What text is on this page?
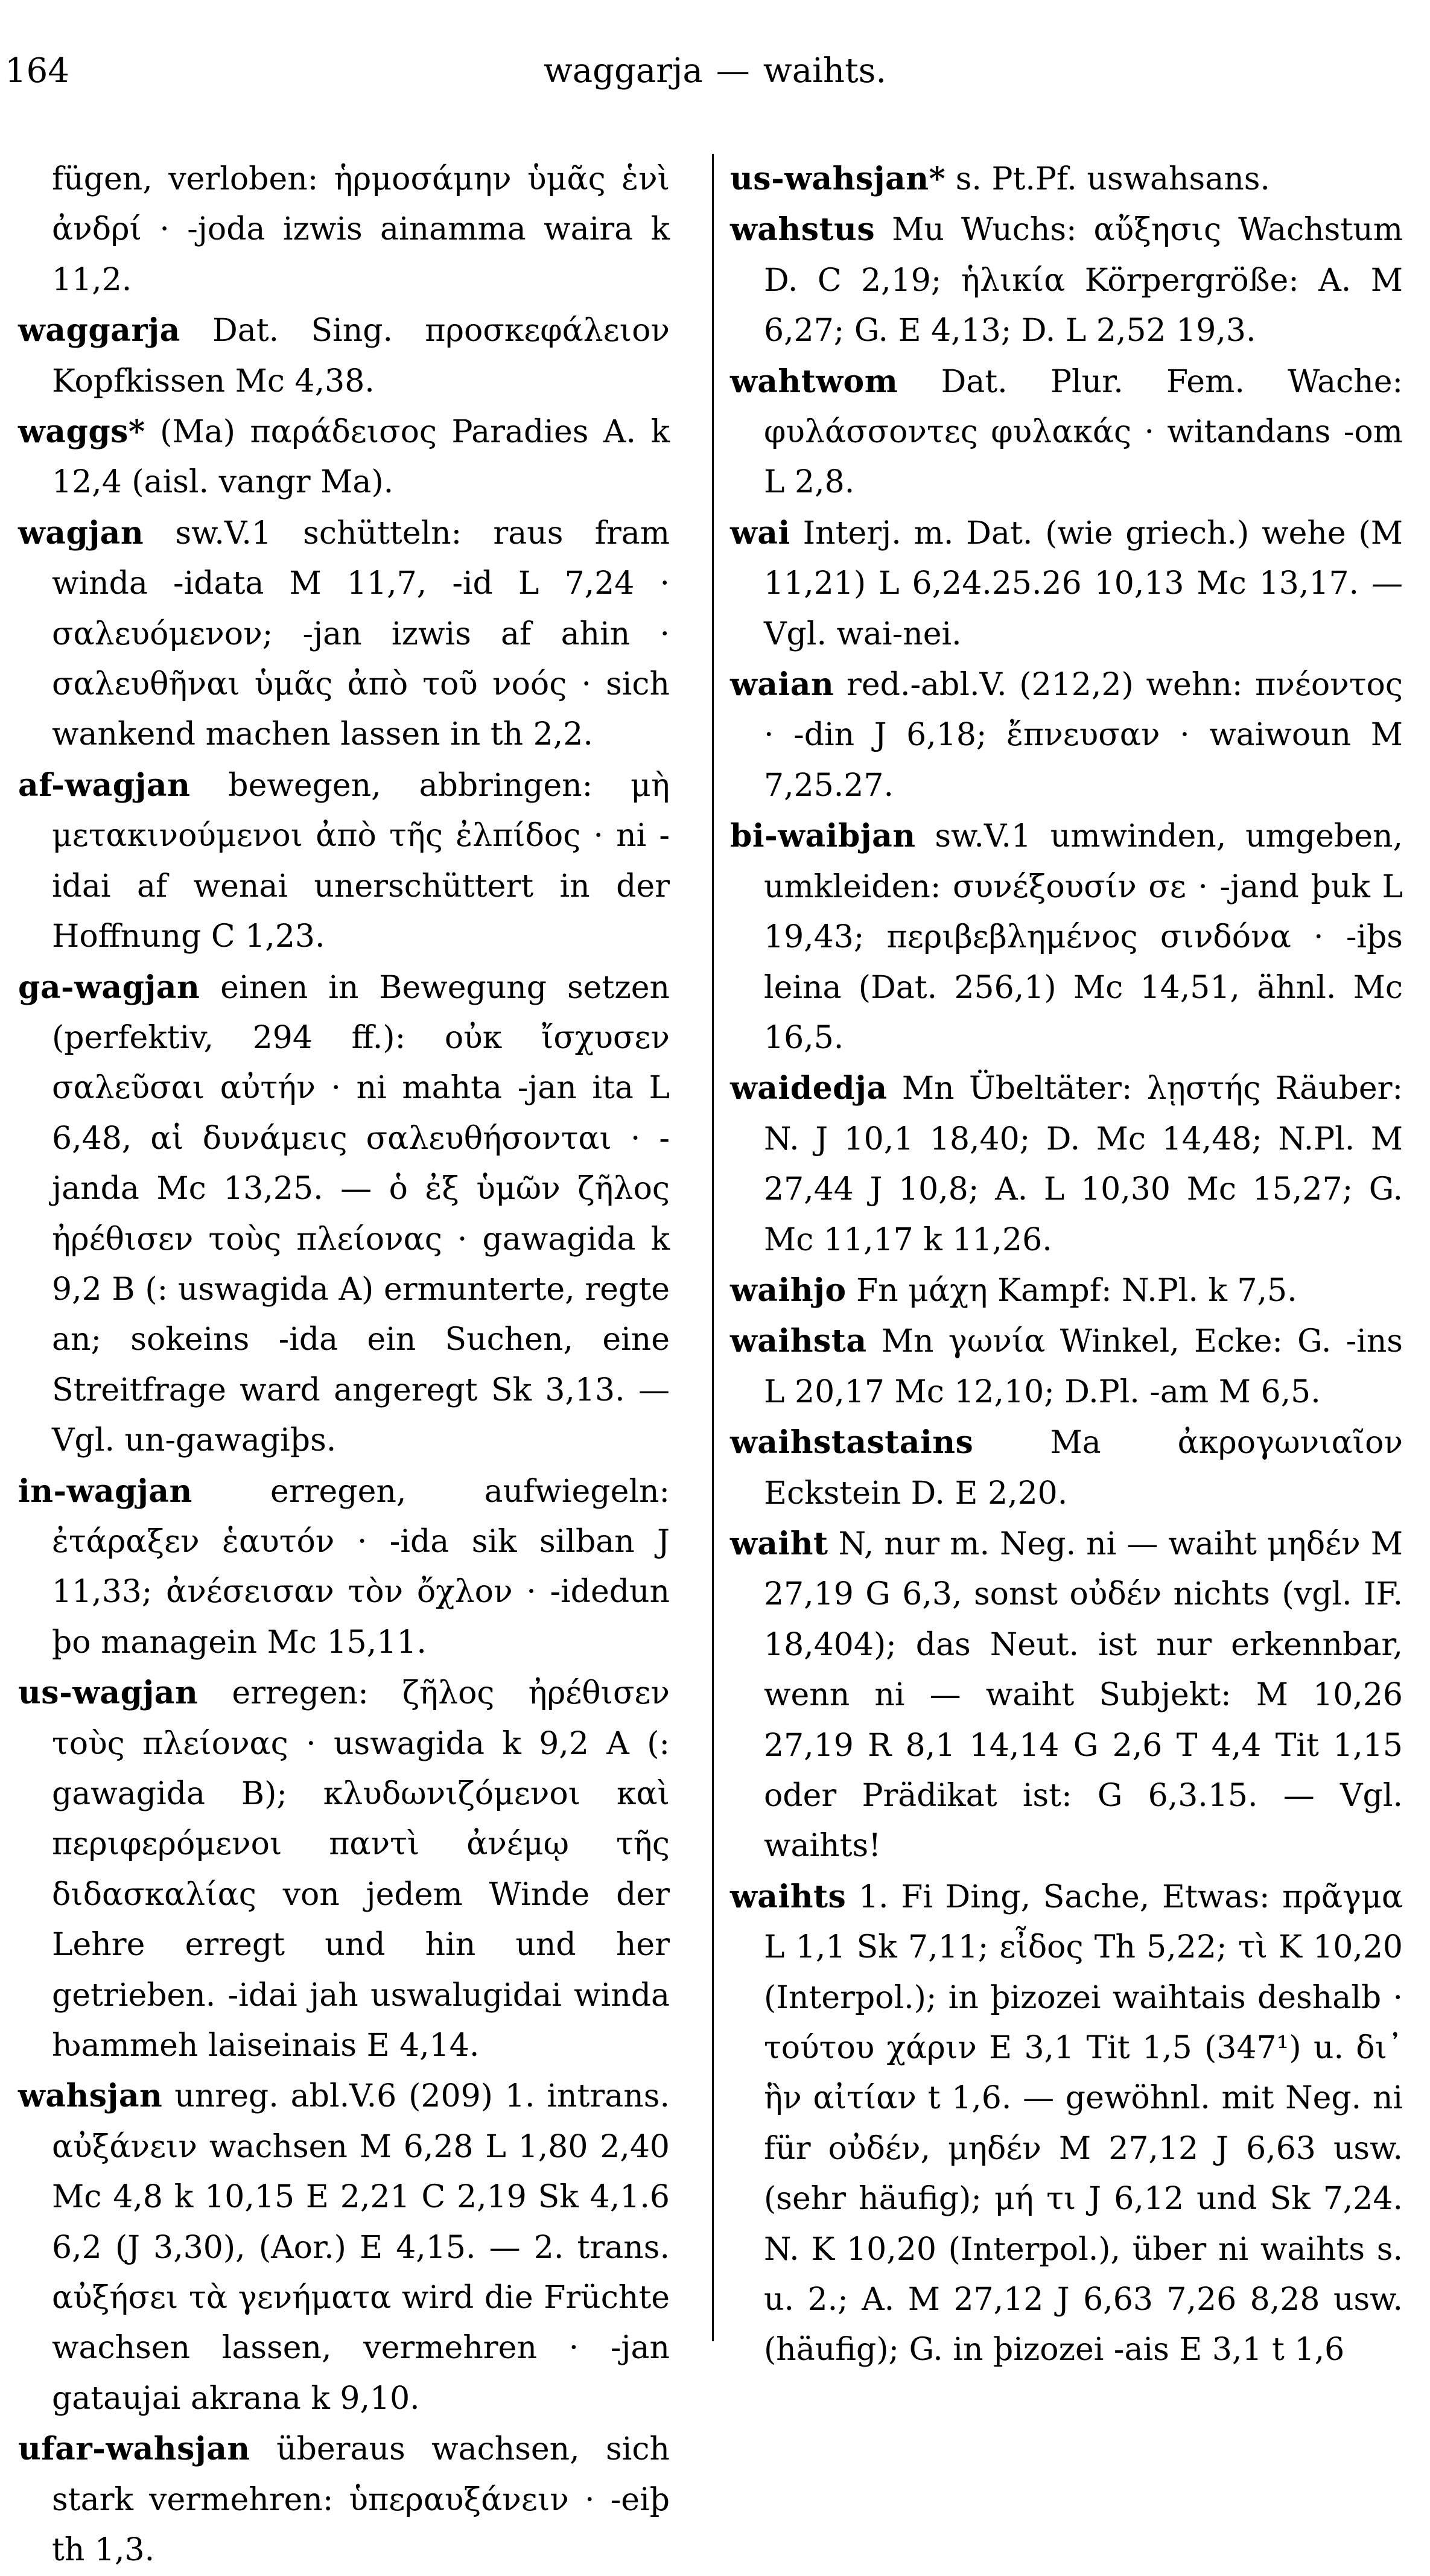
164	waggarja — waihts.

fügen, verloben: ἡρμοσάμην ὑμᾶς ἑνὶ ἀνδρί · -joda izwis ainamma waira k 11,2.

waggarja Dat. Sing. προσκεφάλειον Kopfkissen Mc 4,38.

waggs* (Ma) παράδεισος Paradies A. k 12,4 (aisl. vangr Ma).

wagjan sw.V.1 schütteln: raus fram winda -idata M 11,7, -id L 7,24 · σαλευόμενον; -jan izwis af ahin · σαλευθῆναι ὑμᾶς ἀπὸ τοῦ νοός · sich wankend machen lassen in th 2,2.

af-wagjan bewegen, abbringen: μὴ μετακινούμενοι ἀπὸ τῆς ἐλπίδος · ni -idai af wenai unerschüttert in der Hoffnung C 1,23.

ga-wagjan einen in Bewegung setzen (perfektiv, 294 ff.): οὐκ ἴσχυσεν σαλεῦσαι αὐτήν · ni mahta -jan ita L 6,48, αἱ δυνάμεις σαλευθήσονται · -janda Mc 13,25. — ὁ ἐξ ὑμῶν ζῆλος ἠρέθισεν τοὺς πλείονας · gawagida k 9,2 B (: uswagida A) ermunterte, regte an; sokeins -ida ein Suchen, eine Streitfrage ward angeregt Sk 3,13. — Vgl. un-gawagiþs.

in-wagjan erregen, aufwiegeln: ἐτάραξεν ἑαυτόν · -ida sik silban J 11,33; ἀνέσεισαν τὸν ὄχλον · -idedun þo managein Mc 15,11.

us-wagjan erregen: ζῆλος ἠρέθισεν τοὺς πλείονας · uswagida k 9,2 A (: gawagida B); κλυδωνιζόμενοι καὶ περιφερόμενοι παντὶ ἀνέμῳ τῆς διδασκαλίας von jedem Winde der Lehre erregt und hin und her getrieben. -idai jah uswalugidai winda ƕammeh laiseinais E 4,14.

wahsjan unreg. abl.V.6 (209) 1. intrans. αὐξάνειν wachsen M 6,28 L 1,80 2,40 Mc 4,8 k 10,15 E 2,21 C 2,19 Sk 4,1.6 6,2 (J 3,30), (Aor.) E 4,15. — 2. trans. αὐξήσει τὰ γενήματα wird die Früchte wachsen lassen, vermehren · -jan gataujai akrana k 9,10.

ufar-wahsjan überaus wachsen, sich stark vermehren: ὑπεραυξάνειν · -eiþ th 1,3.

us-wahsjan* s. Pt.Pf. uswahsans.

wahstus Mu Wuchs: αὔξησις Wachstum D. C 2,19; ἡλικία Körpergröße: A. M 6,27; G. E 4,13; D. L 2,52 19,3.

wahtwom Dat. Plur. Fem. Wache: φυλάσσοντες φυλακάς · witandans -om L 2,8.

wai Interj. m. Dat. (wie griech.) wehe (M 11,21) L 6,24.25.26 10,13 Mc 13,17. — Vgl. wai-nei.

waian red.-abl.V. (212,2) wehn: πνέοντος · -din J 6,18; ἔπνευσαν · waiwoun M 7,25.27.

bi-waibjan sw.V.1 umwinden, umgeben, umkleiden: συνέξουσίν σε · -jand þuk L 19,43; περιβεβλημένος σινδόνα · -iþs leina (Dat. 256,1) Mc 14,51, ähnl. Mc 16,5.

waidedja Mn Übeltäter: λῃστής Räuber: N. J 10,1 18,40; D. Mc 14,48; N.Pl. M 27,44 J 10,8; A. L 10,30 Mc 15,27; G. Mc 11,17 k 11,26.

waihjo Fn μάχη Kampf: N.Pl. k 7,5.

waihsta Mn γωνία Winkel, Ecke: G. -ins L 20,17 Mc 12,10; D.Pl. -am M 6,5.

waihstastains Ma ἀκρογωνιαῖον Eckstein D. E 2,20.

waiht N, nur m. Neg. ni — waiht μηδέν M 27,19 G 6,3, sonst οὐδέν nichts (vgl. IF. 18,404); das Neut. ist nur erkennbar, wenn ni — waiht Subjekt: M 10,26 27,19 R 8,1 14,14 G 2,6 T 4,4 Tit 1,15 oder Prädikat ist: G 6,3.15. — Vgl. waihts!

waihts 1. Fi Ding, Sache, Etwas: πρᾶγμα L 1,1 Sk 7,11; εἶδος Th 5,22; τὶ K 10,20 (Interpol.); in þizozei waihtais deshalb · τούτου χάριν E 3,1 Tit 1,5 (347¹) u. δι᾽ ἣν αἰτίαν t 1,6. — gewöhnl. mit Neg. ni für οὐδέν, μηδέν M 27,12 J 6,63 usw. (sehr häufig); μή τι J 6,12 und Sk 7,24. N. K 10,20 (Interpol.), über ni waihts s. u. 2.; A. M 27,12 J 6,63 7,26 8,28 usw. (häufig); G. in þizozei -ais E 3,1 t 1,6
